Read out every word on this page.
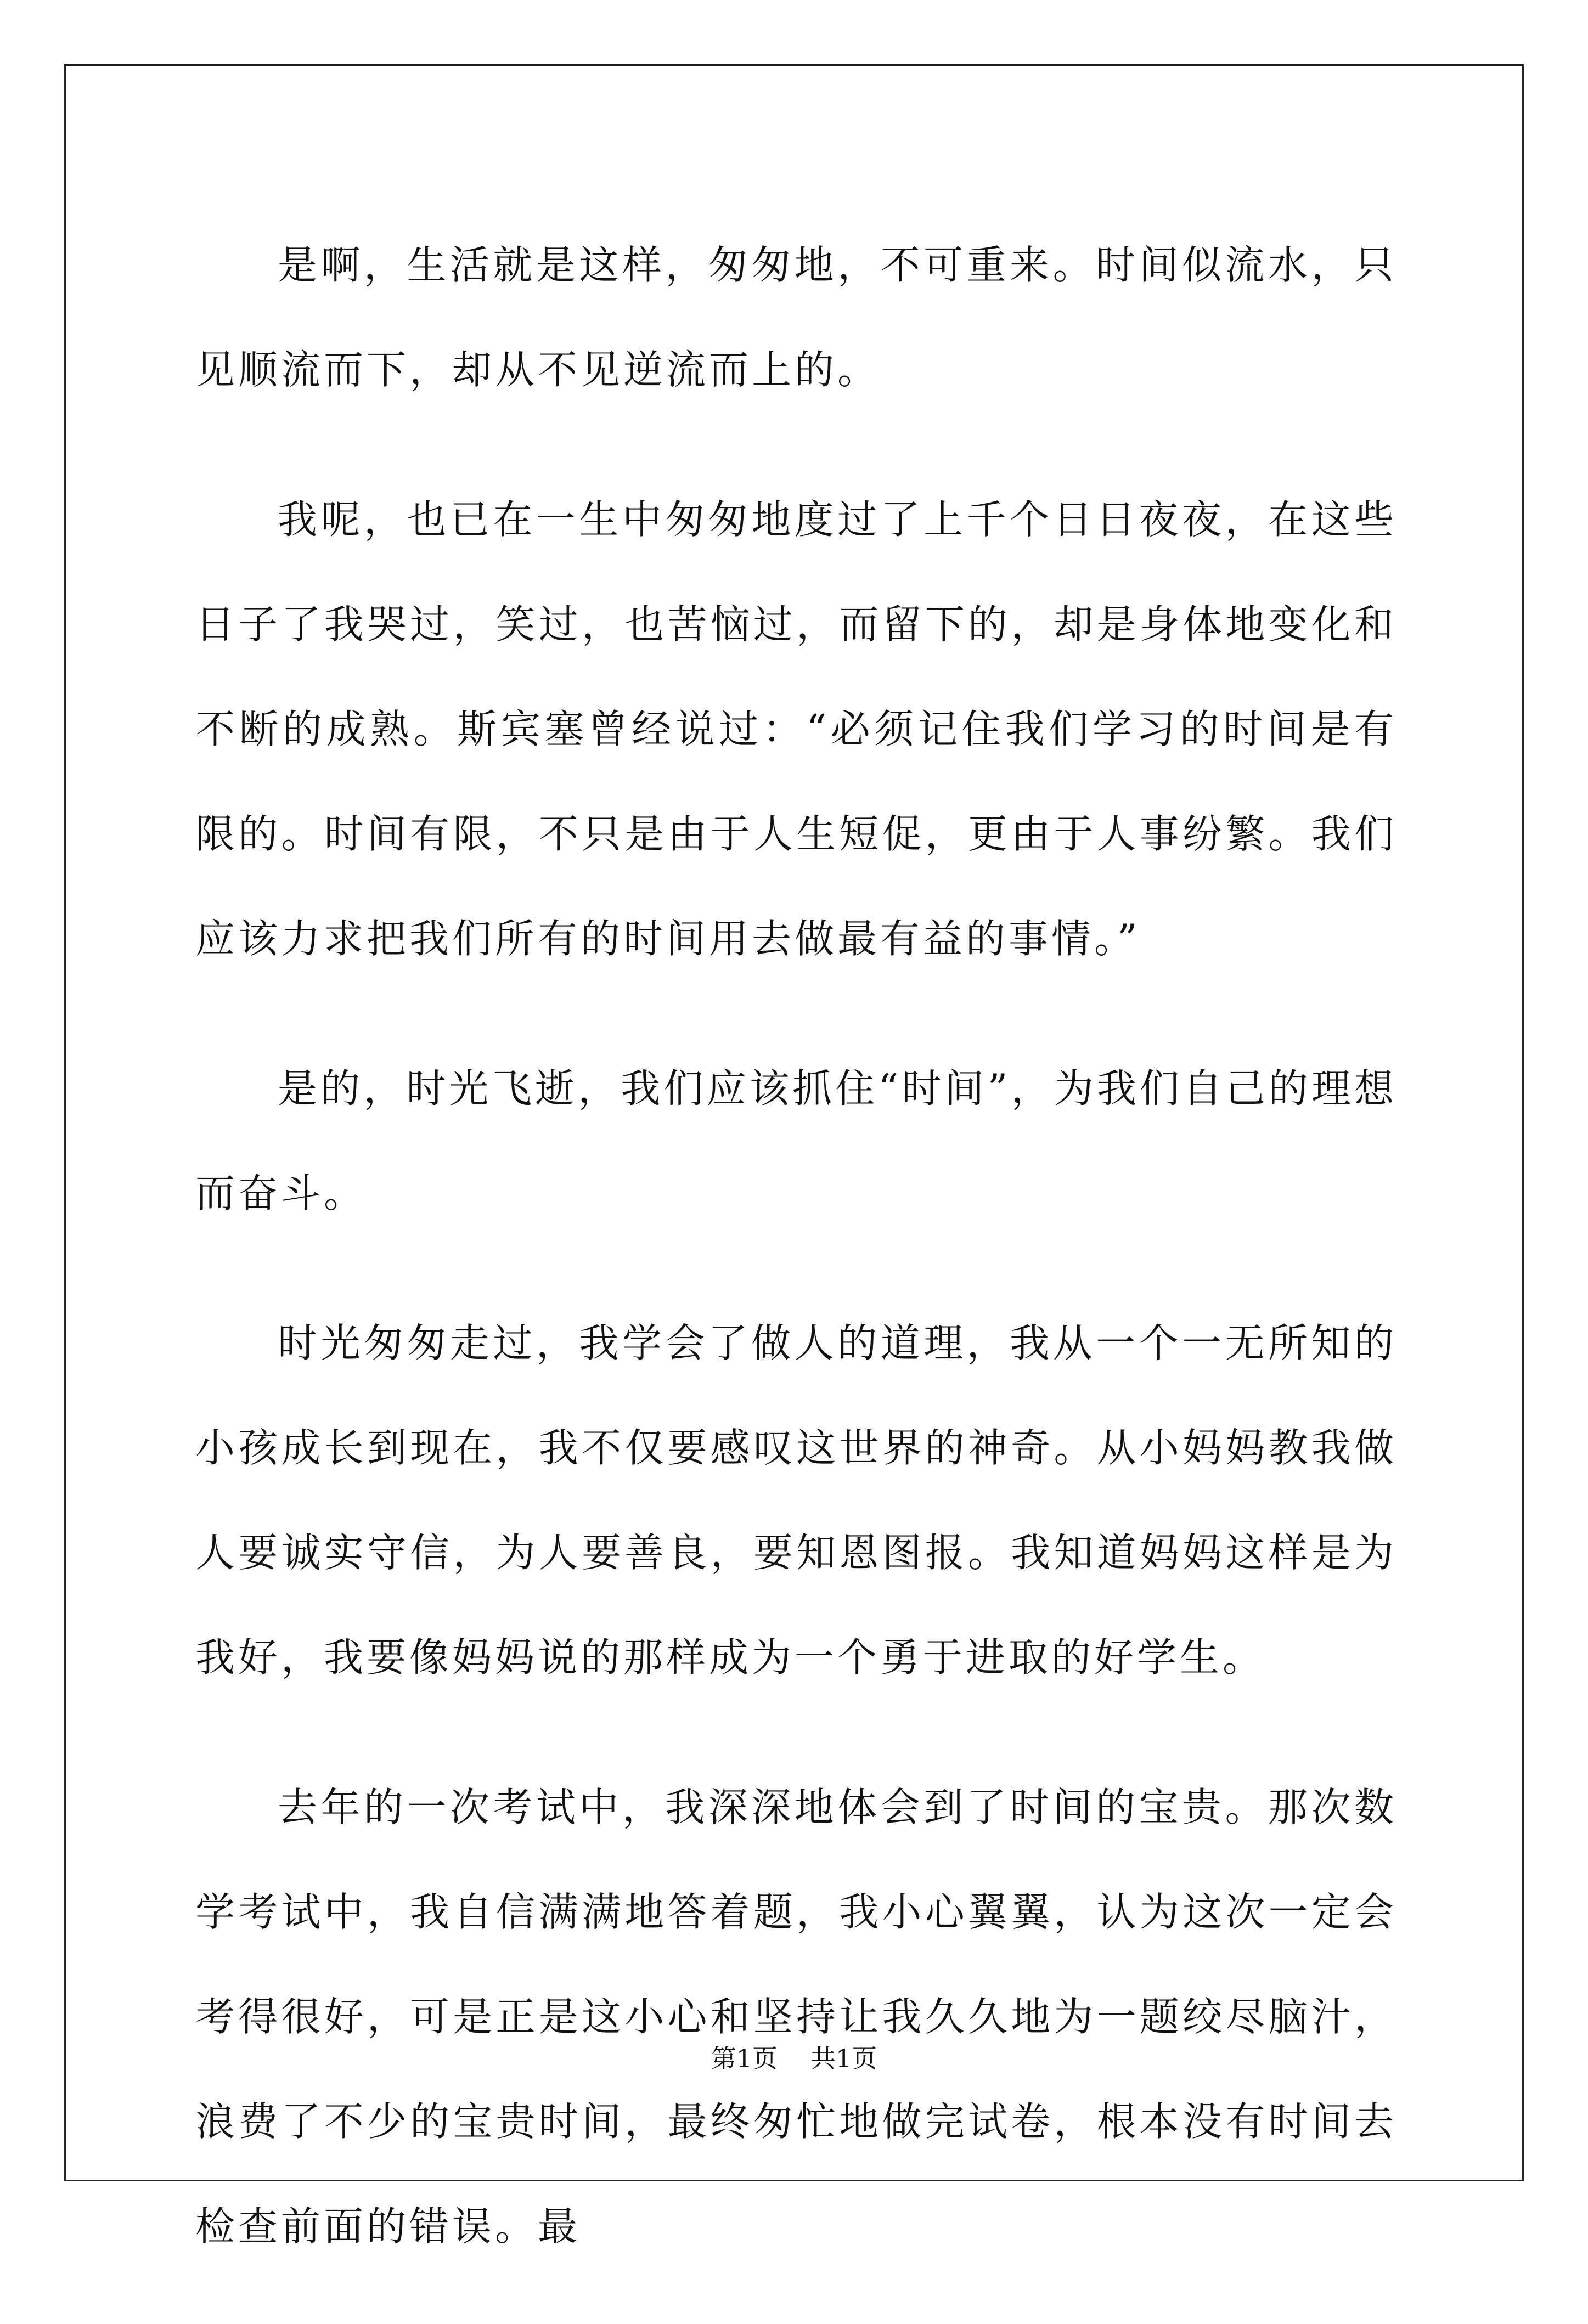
是啊，生活就是这样，匆匆地，不可重来。时间似流水，只见顺流而下，却从不见逆流而上的。

我呢，也已在一生中匆匆地度过了上千个日日夜夜，在这些日子了我哭过，笑过，也苦恼过，而留下的，却是身体地变化和不断的成熟。斯宾塞曾经说过：“必须记住我们学习的时间是有限的。时间有限，不只是由于人生短促，更由于人事纷繁。我们应该力求把我们所有的时间用去做最有益的事情。”

是的，时光飞逝，我们应该抓住“时间”，为我们自己的理想而奋斗。

时光匆匆走过，我学会了做人的道理，我从一个一无所知的小孩成长到现在，我不仅要感叹这世界的神奇。从小妈妈教我做人要诚实守信，为人要善良，要知恩图报。我知道妈妈这样是为我好，我要像妈妈说的那样成为一个勇于进取的好学生。

去年的一次考试中，我深深地体会到了时间的宝贵。那次数学考试中，我自信满满地答着题，我小心翼翼，认为这次一定会考得很好，可是正是这小心和坚持让我久久地为一题绞尽脑汁，浪费了不少的宝贵时间，最终匆忙地做完试卷，根本没有时间去检查前面的错误。最

第1页 共1页
